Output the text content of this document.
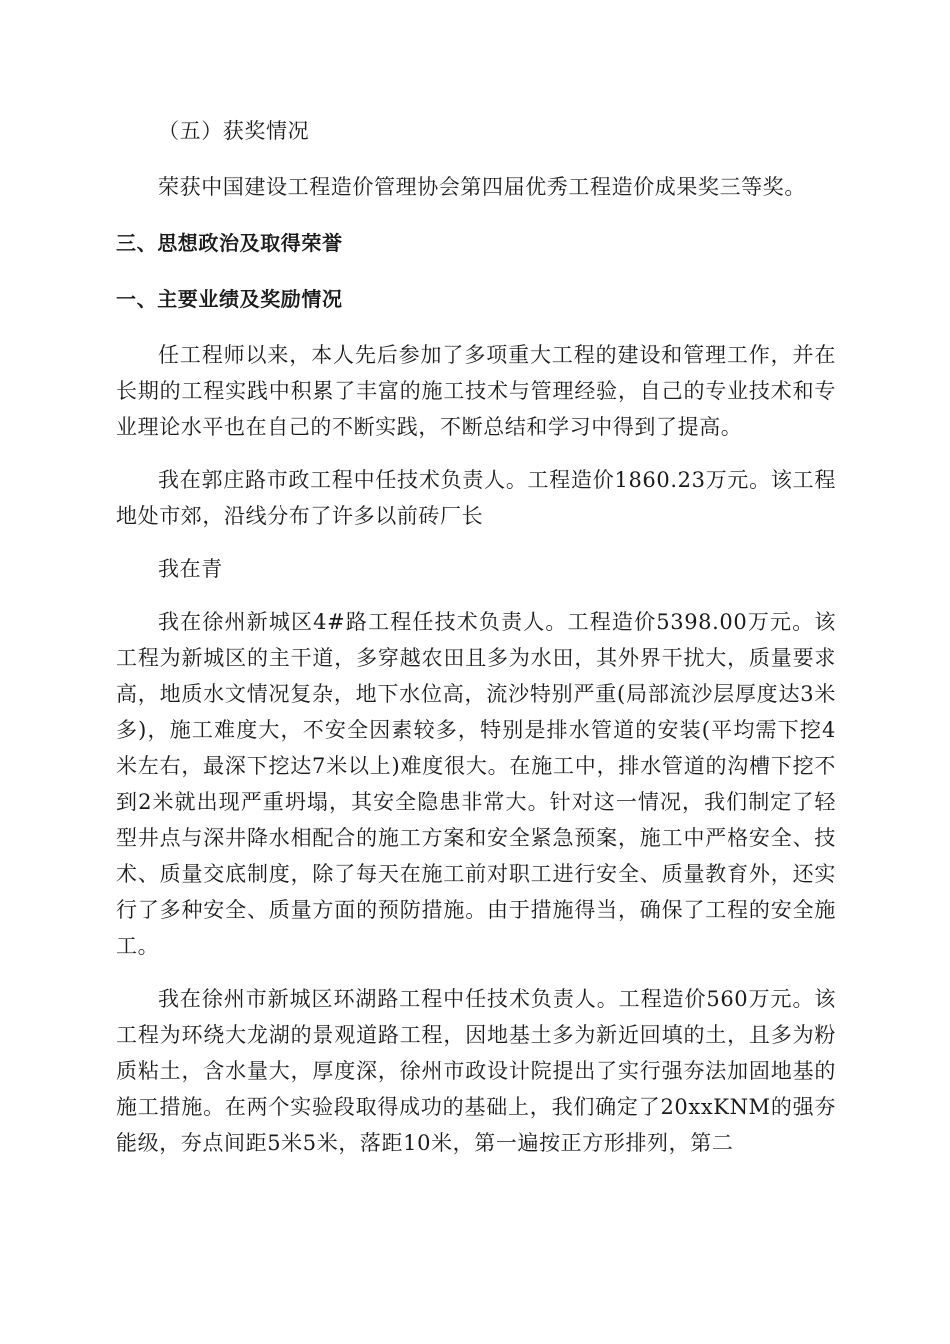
（五）获奖情况

荣获中国建设工程造价管理协会第四届优秀工程造价成果奖三等奖。

三、思想政治及取得荣誉

一、主要业绩及奖励情况

任工程师以来，本人先后参加了多项重大工程的建设和管理工作，并在长期的工程实践中积累了丰富的施工技术与管理经验，自己的专业技术和专业理论水平也在自己的不断实践，不断总结和学习中得到了提高。

我在郭庄路市政工程中任技术负责人。工程造价1860.23万元。该工程地处市郊，沿线分布了许多以前砖厂长

我在青

我在徐州新城区4#路工程任技术负责人。工程造价5398.00万元。该工程为新城区的主干道，多穿越农田且多为水田，其外界干扰大，质量要求高，地质水文情况复杂，地下水位高，流沙特别严重(局部流沙层厚度达3米多)，施工难度大，不安全因素较多，特别是排水管道的安装(平均需下挖4米左右，最深下挖达7米以上)难度很大。在施工中，排水管道的沟槽下挖不到2米就出现严重坍塌，其安全隐患非常大。针对这一情况，我们制定了轻型井点与深井降水相配合的施工方案和安全紧急预案，施工中严格安全、技术、质量交底制度，除了每天在施工前对职工进行安全、质量教育外，还实行了多种安全、质量方面的预防措施。由于措施得当，确保了工程的安全施工。

我在徐州市新城区环湖路工程中任技术负责人。工程造价560万元。该工程为环绕大龙湖的景观道路工程，因地基土多为新近回填的土，且多为粉质粘土，含水量大，厚度深，徐州市政设计院提出了实行强夯法加固地基的施工措施。在两个实验段取得成功的基础上，我们确定了20xxKNM的强夯能级，夯点间距5米5米，落距10米，第一遍按正方形排列，第二
